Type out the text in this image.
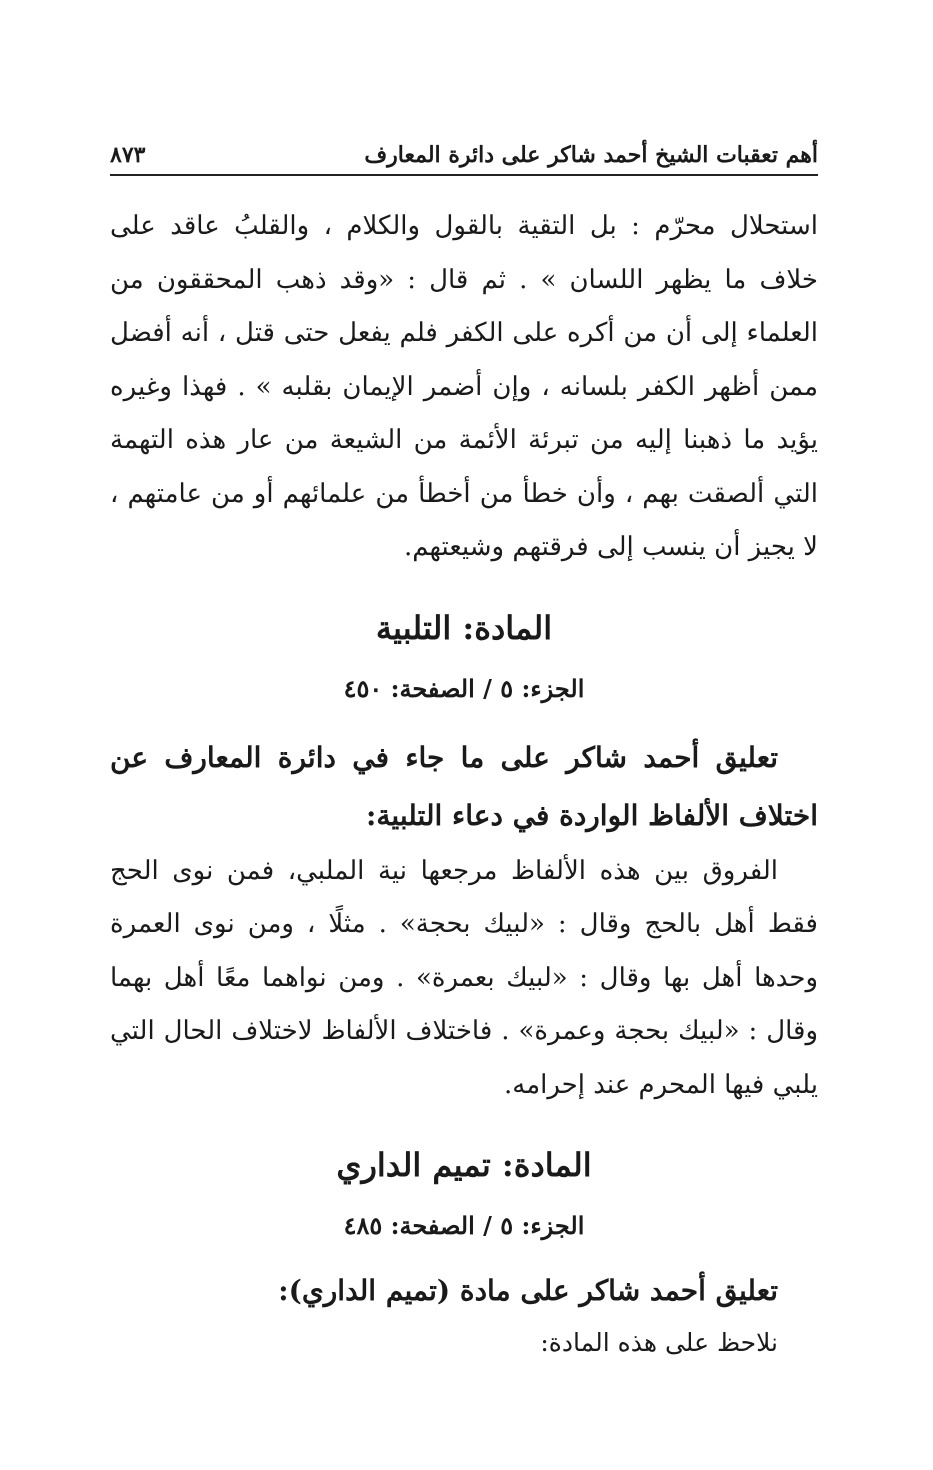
أهم تعقبات الشيخ أحمد شاكر على دائرة المعارف
٨٧٣

استحلال محرّم : بل التقية بالقول والكلام ، والقلبُ عاقد على خلاف ما يظهر اللسان » . ثم قال : «وقد ذهب المحققون من العلماء إلى أن من أكره على الكفر فلم يفعل حتى قتل ، أنه أفضل ممن أظهر الكفر بلسانه ، وإن أضمر الإيمان بقلبه » . فهذا وغيره يؤيد ما ذهبنا إليه من تبرئة الأئمة من الشيعة من عار هذه التهمة التي ألصقت بهم ، وأن خطأ من أخطأ من علمائهم أو من عامتهم ، لا يجيز أن ينسب إلى فرقتهم وشيعتهم.

المادة: التلبية
الجزء: ٥ / الصفحة: ٤٥٠
تعليق أحمد شاكر على ما جاء في دائرة المعارف عن اختلاف الألفاظ الواردة في دعاء التلبية:

الفروق بين هذه الألفاظ مرجعها نية الملبي، فمن نوى الحج فقط أهل بالحج وقال : «لبيك بحجة» . مثلًا ، ومن نوى العمرة وحدها أهل بها وقال : «لبيك بعمرة» . ومن نواهما معًا أهل بهما وقال : «لبيك بحجة وعمرة» . فاختلاف الألفاظ لاختلاف الحال التي يلبي فيها المحرم عند إحرامه.

المادة: تميم الداري
الجزء: ٥ / الصفحة: ٤٨٥
تعليق أحمد شاكر على مادة (تميم الداري):

نلاحظ على هذه المادة:
